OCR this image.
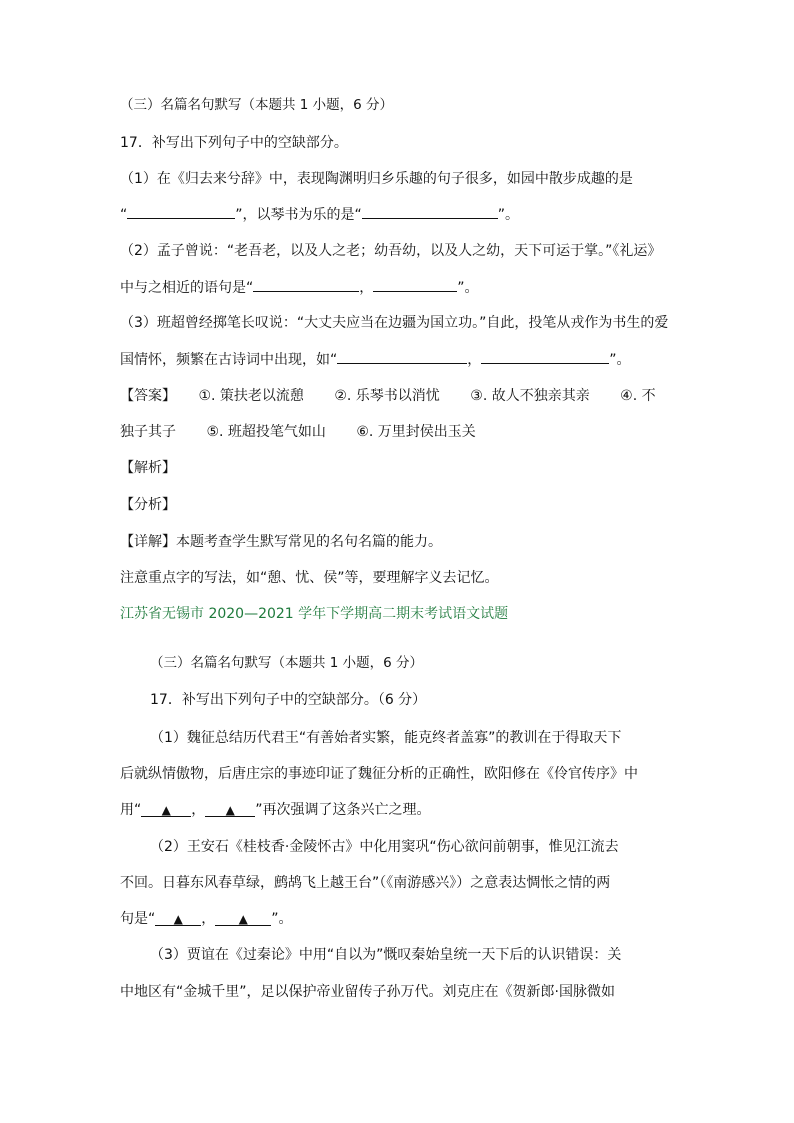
（三）名篇名句默写（本题共 1 小题，6 分）
17．补写出下列句子中的空缺部分。
（1）在《归去来兮辞》中，表现陶渊明归乡乐趣的句子很多，如园中散步成趣的是
“	”，以琴书为乐的是“	”。
（2）孟子曾说：“老吾老，以及人之老；幼吾幼，以及人之幼，天下可运于掌。”《礼运》
中与之相近的语句是“	，	”。
（3）班超曾经掷笔长叹说：“大丈夫应当在边疆为国立功。”自此，投笔从戎作为书生的爱
国情怀，频繁在古诗词中出现，如“	，	”。
【答案】 ①. 策扶老以流憩 ②. 乐琴书以消忧 ③. 故人不独亲其亲 ④. 不
独子其子 ⑤. 班超投笔气如山 ⑥. 万里封侯出玉关
【解析】
【分析】
【详解】本题考查学生默写常见的名句名篇的能力。
注意重点字的写法，如“憩、忧、侯”等，要理解字义去记忆。
江苏省无锡市 2020—2021 学年下学期高二期末考试语文试题
（三）名篇名句默写（本题共 1 小题，6 分）
17．补写出下列句子中的空缺部分。（6 分）
（1）魏征总结历代君王“有善始者实繁，能克终者盖寡”的教训在于得取天下
后就纵情傲物，后唐庄宗的事迹印证了魏征分析的正确性，欧阳修在《伶官传序》中
用“ ▲ ， ▲ ”再次强调了这条兴亡之理。
（2）王安石《桂枝香·金陵怀古》中化用窦巩“伤心欲问前朝事，惟见江流去
不回。日暮东风春草绿，鹧鸪飞上越王台”（《南游感兴》）之意表达惆怅之情的两
句是“ ▲ ， ▲ ”。
（3）贾谊在《过秦论》中用“自以为”慨叹秦始皇统一天下后的认识错误：关
中地区有“金城千里”，足以保护帝业留传子孙万代。刘克庄在《贺新郎·国脉微如
